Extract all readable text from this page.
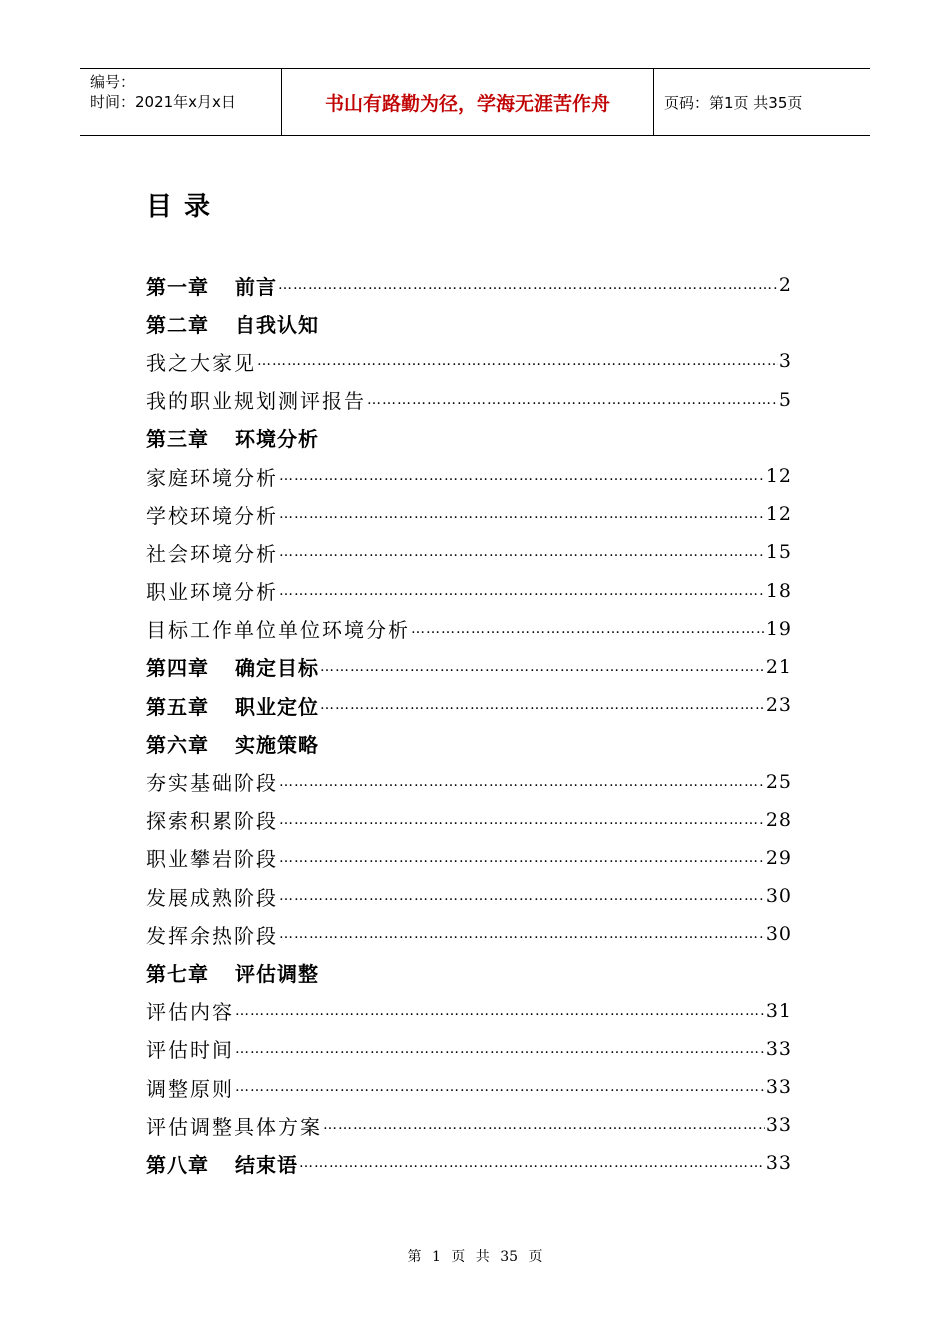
编号：
时间：2021年x月x日	书山有路勤为径，学海无涯苦作舟	页码：第1页 共35页
目录
第一章 前言 …………………………………………………………………………………………………………………………………………………………………………	2
第二章 自我认知
我之大家见 …………………………………………………………………………………………………………………………………………………………………………	3
我的职业规划测评报告 …………………………………………………………………………………………………………………………………………………………………………	5
第三章 环境分析
家庭环境分析 …………………………………………………………………………………………………………………………………………………………………………	12
学校环境分析 …………………………………………………………………………………………………………………………………………………………………………	12
社会环境分析 …………………………………………………………………………………………………………………………………………………………………………	15
职业环境分析 …………………………………………………………………………………………………………………………………………………………………………	18
目标工作单位单位环境分析 …………………………………………………………………………………………………………………………………………………………………………	19
第四章 确定目标 …………………………………………………………………………………………………………………………………………………………………………	21
第五章 职业定位 …………………………………………………………………………………………………………………………………………………………………………	23
第六章 实施策略
夯实基础阶段 …………………………………………………………………………………………………………………………………………………………………………	25
探索积累阶段 …………………………………………………………………………………………………………………………………………………………………………	28
职业攀岩阶段 …………………………………………………………………………………………………………………………………………………………………………	29
发展成熟阶段 …………………………………………………………………………………………………………………………………………………………………………	30
发挥余热阶段 …………………………………………………………………………………………………………………………………………………………………………	30
第七章 评估调整
评估内容 …………………………………………………………………………………………………………………………………………………………………………	31
评估时间 …………………………………………………………………………………………………………………………………………………………………………	33
调整原则 …………………………………………………………………………………………………………………………………………………………………………	33
评估调整具体方案 …………………………………………………………………………………………………………………………………………………………………………	33
第八章 结束语 …………………………………………………………………………………………………………………………………………………………………………	33
第 1 页 共 35 页
